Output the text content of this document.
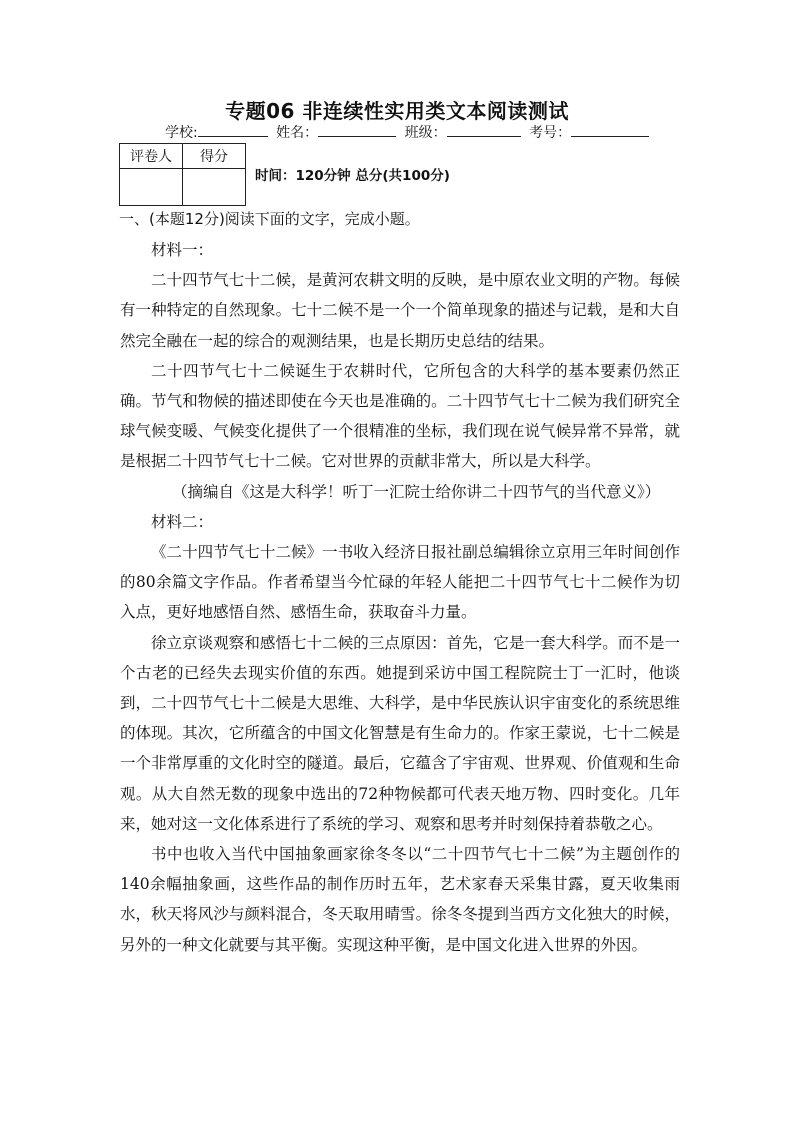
专题06 非连续性实用类文本阅读测试
学校:	姓名：	班级：	考号：
评卷人	得分

时间：120分钟 总分(共100分)
一、(本题12分)阅读下面的文字，完成小题。

材料一：

二十四节气七十二候，是黄河农耕文明的反映，是中原农业文明的产物。每候有一种特定的自然现象。七十二候不是一个一个简单现象的描述与记载，是和大自然完全融在一起的综合的观测结果，也是长期历史总结的结果。

二十四节气七十二候诞生于农耕时代，它所包含的大科学的基本要素仍然正确。节气和物候的描述即使在今天也是准确的。二十四节气七十二候为我们研究全球气候变暖、气候变化提供了一个很精准的坐标，我们现在说气候异常不异常，就是根据二十四节气七十二候。它对世界的贡献非常大，所以是大科学。

（摘编自《这是大科学！听丁一汇院士给你讲二十四节气的当代意义》）

材料二：

《二十四节气七十二候》一书收入经济日报社副总编辑徐立京用三年时间创作的80余篇文字作品。作者希望当今忙碌的年轻人能把二十四节气七十二候作为切入点，更好地感悟自然、感悟生命，获取奋斗力量。

徐立京谈观察和感悟七十二候的三点原因：首先，它是一套大科学。而不是一个古老的已经失去现实价值的东西。她提到采访中国工程院院士丁一汇时，他谈到，二十四节气七十二候是大思维、大科学，是中华民族认识宇宙变化的系统思维的体现。其次，它所蕴含的中国文化智慧是有生命力的。作家王蒙说，七十二候是一个非常厚重的文化时空的隧道。最后，它蕴含了宇宙观、世界观、价值观和生命观。从大自然无数的现象中选出的72种物候都可代表天地万物、四时变化。几年来，她对这一文化体系进行了系统的学习、观察和思考并时刻保持着恭敬之心。

书中也收入当代中国抽象画家徐冬冬以“二十四节气七十二候”为主题创作的140余幅抽象画，这些作品的制作历时五年，艺术家春天采集甘露，夏天收集雨水，秋天将风沙与颜料混合，冬天取用晴雪。徐冬冬提到当西方文化独大的时候，另外的一种文化就要与其平衡。实现这种平衡，是中国文化进入世界的外因。
